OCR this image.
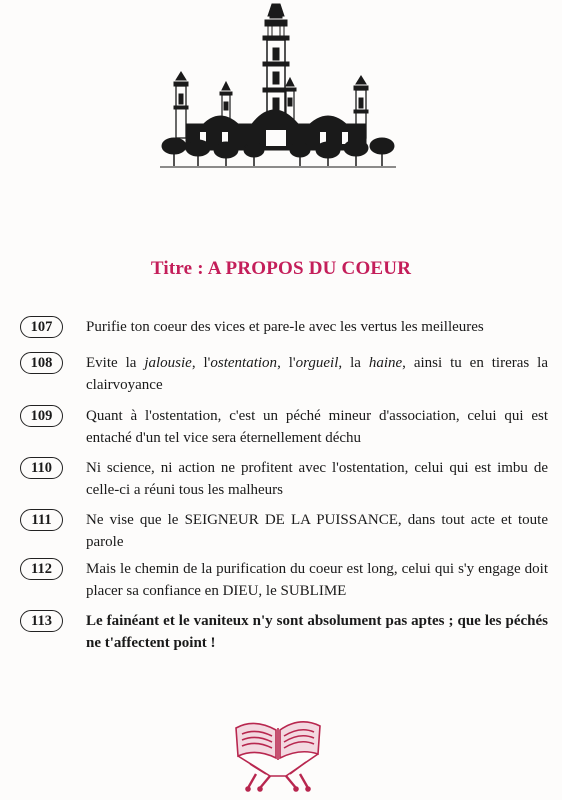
Titre : A PROPOS DU COEUR
107	Purifie ton coeur des vices et pare-le avec les vertus les meilleures
108	Evite la jalousie, l'ostentation, l'orgueil, la haine, ainsi tu en tireras la clairvoyance
109	Quant à l'ostentation, c'est un péché mineur d'association, celui qui est entaché d'un tel vice sera éternellement déchu
110	Ni science, ni action ne profitent avec l'ostentation, celui qui est imbu de celle-ci a réuni tous les malheurs
111	Ne vise que le SEIGNEUR DE LA PUISSANCE, dans tout acte et toute parole
112	Mais le chemin de la purification du coeur est long, celui qui s'y engage doit placer sa confiance en DIEU, le SUBLIME
113	Le fainéant et le vaniteux n'y sont absolument pas aptes ; que les péchés ne t'affectent point !
